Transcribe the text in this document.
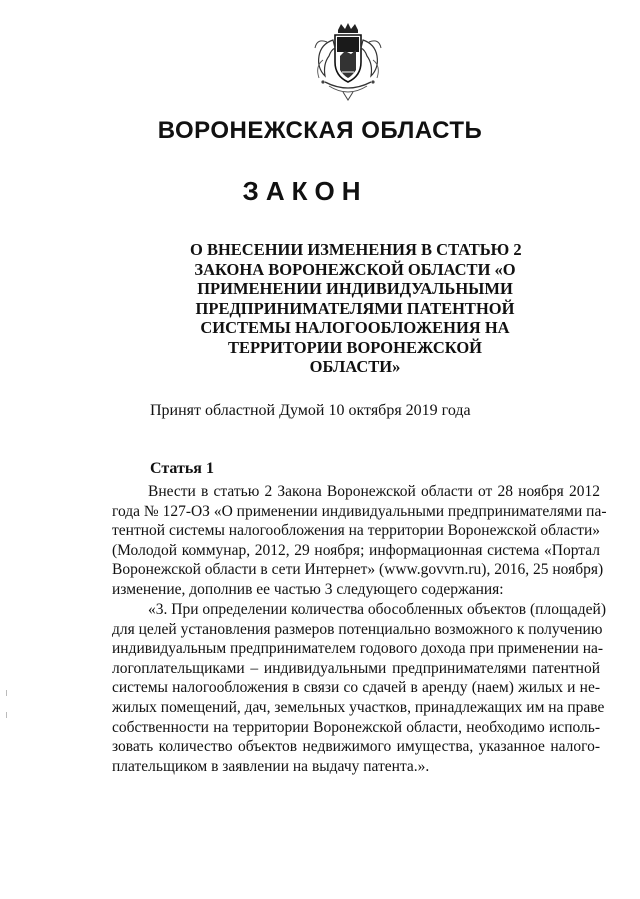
ВОРОНЕЖСКАЯ ОБЛАСТЬ
ЗАКОН
О ВНЕСЕНИИ ИЗМЕНЕНИЯ В СТАТЬЮ 2
ЗАКОНА ВОРОНЕЖСКОЙ ОБЛАСТИ «О
ПРИМЕНЕНИИ ИНДИВИДУАЛЬНЫМИ
ПРЕДПРИНИМАТЕЛЯМИ ПАТЕНТНОЙ
СИСТЕМЫ НАЛОГООБЛОЖЕНИЯ НА
ТЕРРИТОРИИ ВОРОНЕЖСКОЙ
ОБЛАСТИ»
Принят областной Думой 10 октября 2019 года
Статья 1
Внести в статью 2 Закона Воронежской области от 28 ноября 2012
года № 127-ОЗ «О применении индивидуальными предпринимателями па-
тентной системы налогообложения на территории Воронежской области»
(Молодой коммунар, 2012, 29 ноября; информационная система «Портал
Воронежской области в сети Интернет» (www.govvrn.ru), 2016, 25 ноября)
изменение, дополнив ее частью 3 следующего содержания:
«3. При определении количества обособленных объектов (площадей)
для целей установления размеров потенциально возможного к получению
индивидуальным предпринимателем годового дохода при применении на-
логоплательщиками – индивидуальными предпринимателями патентной
системы налогообложения в связи со сдачей в аренду (наем) жилых и не-
жилых помещений, дач, земельных участков, принадлежащих им на праве
собственности на территории Воронежской области, необходимо исполь-
зовать количество объектов недвижимого имущества, указанное налого-
плательщиком в заявлении на выдачу патента.».
